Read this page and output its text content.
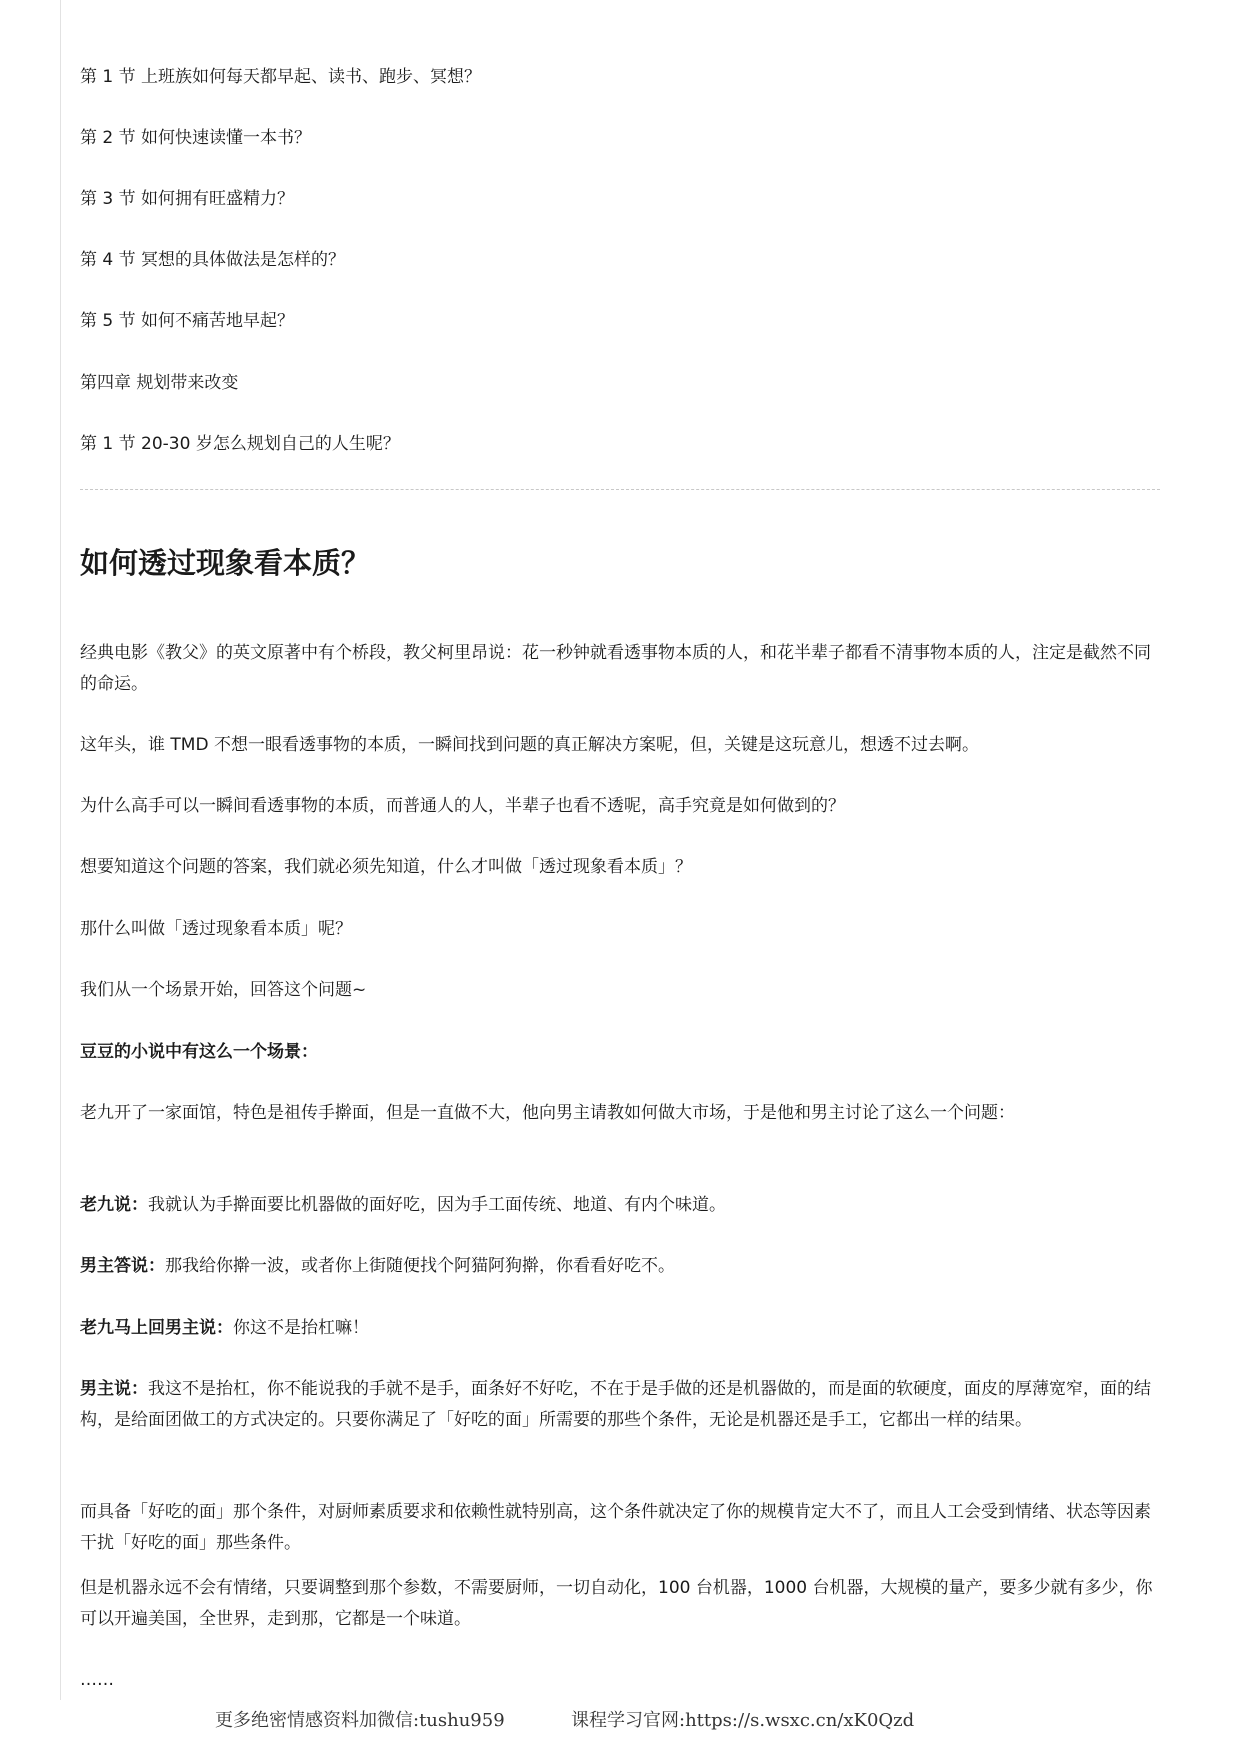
第 1 节 上班族如何每天都早起、读书、跑步、冥想？
第 2 节 如何快速读懂一本书？
第 3 节 如何拥有旺盛精力？
第 4 节 冥想的具体做法是怎样的？
第 5 节 如何不痛苦地早起？
第四章 规划带来改变
第 1 节 20-30 岁怎么规划自己的人生呢？
如何透过现象看本质？

经典电影《教父》的英文原著中有个桥段，教父柯里昂说：花一秒钟就看透事物本质的人，和花半辈子都看不清事物本质的人，注定是截然不同的命运。

这年头，谁 TMD 不想一眼看透事物的本质，一瞬间找到问题的真正解决方案呢，但，关键是这玩意儿，想透不过去啊。

为什么高手可以一瞬间看透事物的本质，而普通人的人，半辈子也看不透呢，高手究竟是如何做到的？

想要知道这个问题的答案，我们就必须先知道，什么才叫做「透过现象看本质」？

那什么叫做「透过现象看本质」呢？

我们从一个场景开始，回答这个问题~

豆豆的小说中有这么一个场景：

老九开了一家面馆，特色是祖传手擀面，但是一直做不大，他向男主请教如何做大市场，于是他和男主讨论了这么一个问题：

老九说：我就认为手擀面要比机器做的面好吃，因为手工面传统、地道、有内个味道。

男主答说：那我给你擀一波，或者你上街随便找个阿猫阿狗擀，你看看好吃不。

老九马上回男主说：你这不是抬杠嘛！

男主说：我这不是抬杠，你不能说我的手就不是手，面条好不好吃，不在于是手做的还是机器做的，而是面的软硬度，面皮的厚薄宽窄，面的结构，是给面团做工的方式决定的。只要你满足了「好吃的面」所需要的那些个条件，无论是机器还是手工，它都出一样的结果。

而具备「好吃的面」那个条件，对厨师素质要求和依赖性就特别高，这个条件就决定了你的规模肯定大不了，而且人工会受到情绪、状态等因素干扰「好吃的面」那些条件。

但是机器永远不会有情绪，只要调整到那个参数，不需要厨师，一切自动化，100 台机器，1000 台机器，大规模的量产，要多少就有多少，你可以开遍美国，全世界，走到那，它都是一个味道。

……

更多绝密情感资料加微信:tushu959	课程学习官网:https://s.wsxc.cn/xK0Qzd
